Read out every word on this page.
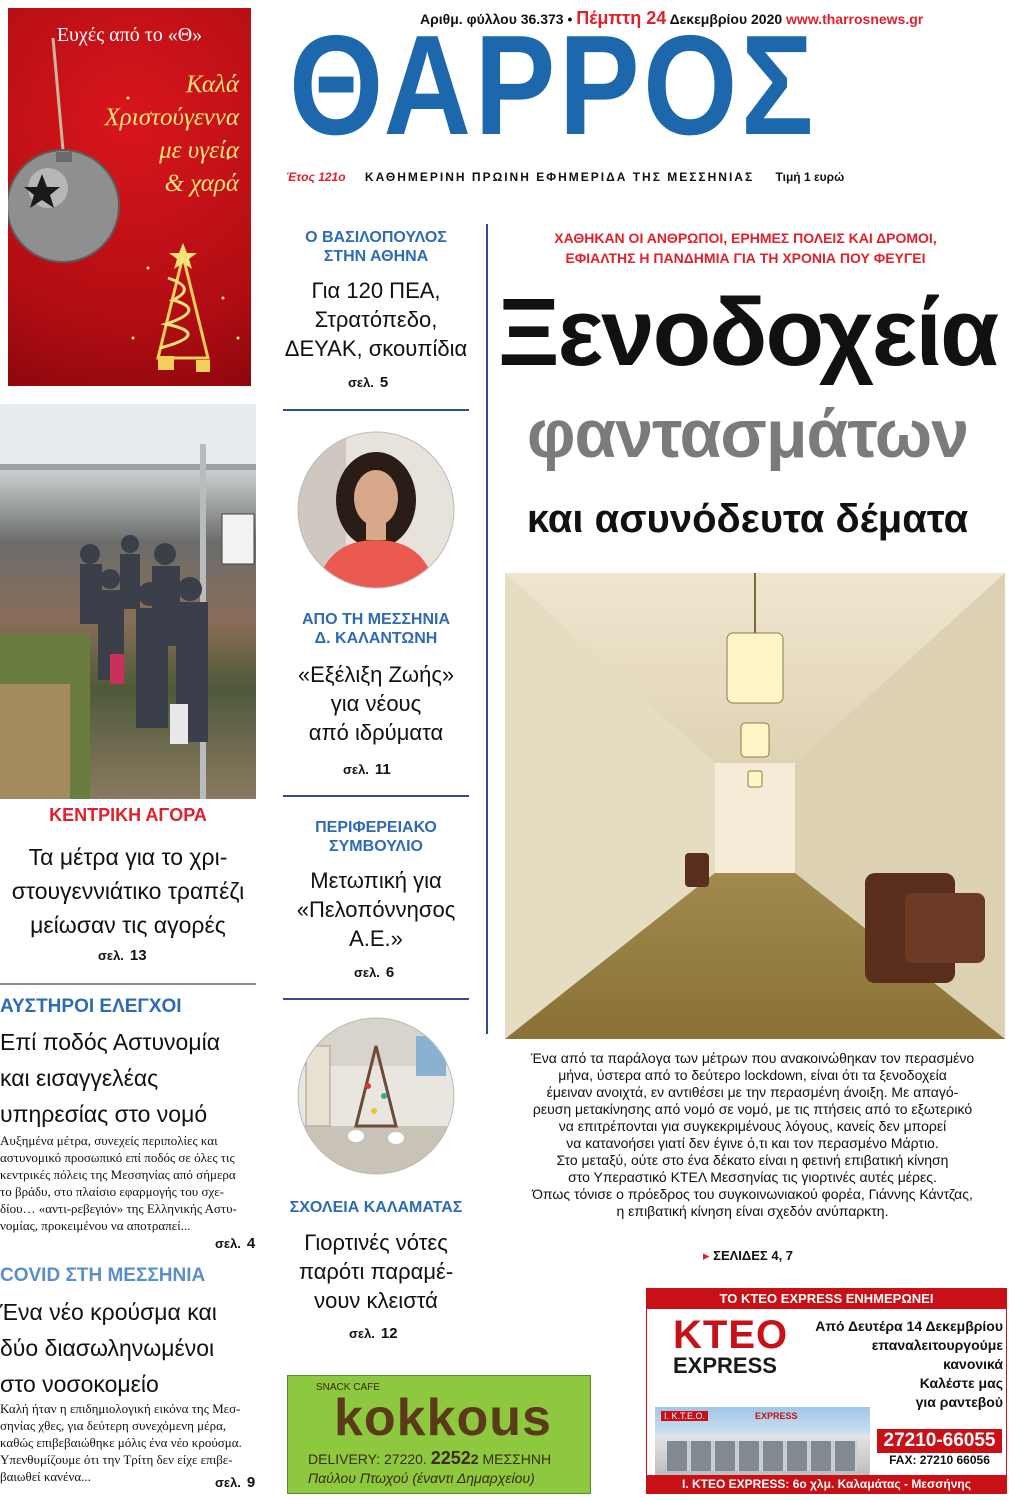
Αριθμ. φύλλου 36.373 • Πέμπτη 24 Δεκεμβρίου 2020 www.tharrosnews.gr
ΘΑΡΡΟΣ
Έτος 121ο ΚΑΘΗΜΕΡΙΝΗ ΠΡΩΙΝΗ ΕΦΗΜΕΡΙΔΑ ΤΗΣ ΜΕΣΣΗΝΙΑΣ Τιμή 1 ευρώ
Ευχές από το «Θ»
Καλά
Χριστούγεννα
με υγεία
& χαρά
Ο ΒΑΣΙΛΟΠΟΥΛΟΣ
ΣΤΗΝ ΑΘΗΝΑ
Για 120 ΠΕΑ,
Στρατόπεδο,
ΔΕΥΑΚ, σκουπίδια
σελ. 5
ΑΠΟ ΤΗ ΜΕΣΣΗΝΙΑ
Δ. ΚΑΛΑΝΤΩΝΗ
«Εξέλιξη Ζωής»
για νέους
από ιδρύματα
σελ. 11
ΠΕΡΙΦΕΡΕΙΑΚΟ
ΣΥΜΒΟΥΛΙΟ
Μετωπική για
«Πελοπόννησος
Α.Ε.»
σελ. 6
ΣΧΟΛΕΙΑ ΚΑΛΑΜΑΤΑΣ
Γιορτινές νότες
παρότι παραμέ-
νουν κλειστά
σελ. 12
ΧΑΘΗΚΑΝ ΟΙ ΑΝΘΡΩΠΟΙ, ΕΡΗΜΕΣ ΠΟΛΕΙΣ ΚΑΙ ΔΡΟΜΟΙ,
ΕΦΙΑΛΤΗΣ Η ΠΑΝΔΗΜΙΑ ΓΙΑ ΤΗ ΧΡΟΝΙΑ ΠΟΥ ΦΕΥΓΕΙ
Ξενοδοχεία
φαντασμάτων
και ασυνόδευτα δέματα
Ένα από τα παράλογα των μέτρων που ανακοινώθηκαν τον περασμένο
μήνα, ύστερα από το δεύτερο lockdown, είναι ότι τα ξενοδοχεία
έμειναν ανοιχτά, εν αντιθέσει με την περασμένη άνοιξη. Με απαγό-
ρευση μετακίνησης από νομό σε νομό, με τις πτήσεις από το εξωτερικό
να επιτρέπονται για συγκεκριμένους λόγους, κανείς δεν μπορεί
να κατανοήσει γιατί δεν έγινε ό,τι και τον περασμένο Μάρτιο.
Στο μεταξύ, ούτε στο ένα δέκατο είναι η φετινή επιβατική κίνηση
στο Υπεραστικό ΚΤΕΛ Μεσσηνίας τις γιορτινές αυτές μέρες.
Όπως τόνισε ο πρόεδρος του συγκοινωνιακού φορέα, Γιάννης Κάντζας,
η επιβατική κίνηση είναι σχεδόν ανύπαρκτη.
▸ ΣΕΛΙΔΕΣ 4, 7
ΚΕΝΤΡΙΚΗ ΑΓΟΡΑ
Τα μέτρα για το χρι-
στουγεννιάτικο τραπέζι
μείωσαν τις αγορές
σελ. 13
ΑΥΣΤΗΡΟΙ ΕΛΕΓΧΟΙ
Επί ποδός Αστυνομία
και εισαγγελέας
υπηρεσίας στο νομό
Αυξημένα μέτρα, συνεχείς περιπολίες και
αστυνομικό προσωπικό επί ποδός σε όλες τις
κεντρικές πόλεις της Μεσσηνίας από σήμερα
το βράδυ, στο πλαίσιο εφαρμογής του σχε-
δίου… «αντι-ρεβεγιόν» της Ελληνικής Αστυ-
νομίας, προκειμένου να αποτραπεί...
σελ. 4
COVID ΣΤΗ ΜΕΣΣΗΝΙΑ
Ένα νέο κρούσμα και
δύο διασωληνωμένοι
στο νοσοκομείο
Καλή ήταν η επιδημιολογική εικόνα της Μεσ-
σηνίας χθες, για δεύτερη συνεχόμενη μέρα,
καθώς επιβεβαιώθηκε μόλις ένα νέο κρούσμα.
Υπενθυμίζουμε ότι την Τρίτη δεν είχε επιβε-
βαιωθεί κανένα...	σελ. 9
SNACK CAFE
kokkous
DELIVERY: 27220. 22522 ΜΕΣΣΗΝΗ
Παύλου Πτωχού (έναντι Δημαρχείου)
ΤΟ ΚΤΕΟ EXPRESS ΕΝΗΜΕΡΩΝΕΙ
ΚΤΕΟ
EXPRESS
Από Δευτέρα 14 Δεκεμβρίου
επαναλειτουργούμε
κανονικά
Καλέστε μας
για ραντεβού
Ι. Κ.Τ.Ε.Ο.	EXPRESS
27210-66055
FAX: 27210 66056
Ι. ΚΤΕΟ EXPRESS: 6ο χλμ. Καλαμάτας - Μεσσήνης
